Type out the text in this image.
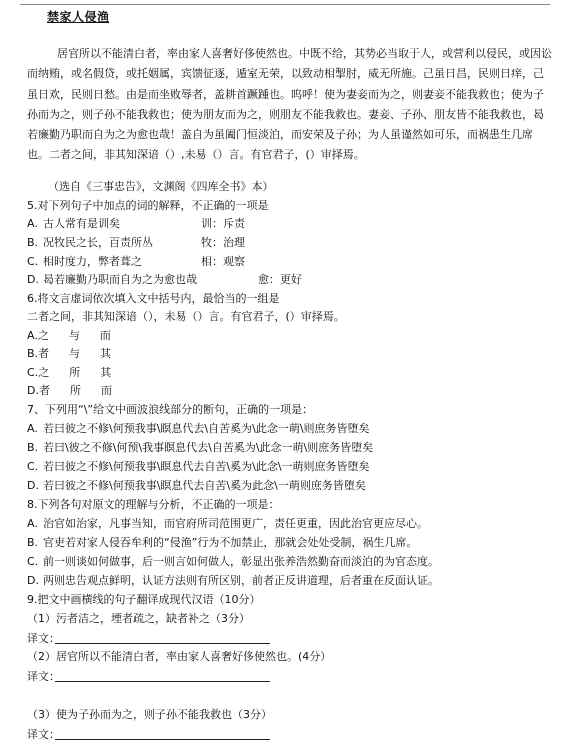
禁家人侵渔
居官所以不能清白者，率由家人喜奢好侈使然也。中既不给，其势必当取于人，或营利以侵民，或因讼而纳贿，或名假贷，或托姻属，宾馈征逐，遁室无荣，以致动相掣肘，威无所施。己虽日昌，民则日痒，己虽日欢，民则日愁。由是而坐败辱者，盖耕首蹶踵也。呜呼！使为妻妾而为之，则妻妾不能我救也；使为子孙而为之，则子孙不能我救也；使为朋友而为之，则朋友不能我救也。妻妾、子孙、朋友皆不能我救也，曷若廉勤乃职而自为之为愈也哉！盖自为虽阖门恒淡泊，而安荣及子孙；为人虽谨然如可乐，而祸患生几席也。二者之间，非其知深谙（）,未易（）言。有官君子，(）审择焉。
（选自《三事忠告》，文渊阁《四库全书》本）
5.对下列句子中加点的词的解释，不正确的一项是
A. 古人常有是训矣	训：斥责
B. 况牧民之长，百责所丛	牧：治理
C. 相时度力，弊者葺之	相：观察
D. 曷若廉勤乃职而自为之为愈也哉	愈：更好
6.将文言虚词依次填入文中括号内，最恰当的一组是
二者之间，非其知深谙（），未易（）言。有官君子，(）审择焉。
A.之 与 而
B.者 与 其
C.之 所 其
D.者 所 而
7、下列用“\”给文中画波浪线部分的断句，正确的一项是：
A. 若曰彼之不修\何预我事\瞑息代去\自苦奚为\此念一萌\则庶务皆堕矣
B. 若曰\彼之不修\何预\我事瞑息代去\自苦奚为\此念一萌\则庶务皆堕矣
C. 若曰彼之不修\何预我事\瞑息代去自苦\奚为\此念\一萌则庶务皆堕矣
D. 若曰彼之不修\何预我事\瞑息代去自苦\奚为此念\一萌则庶务皆堕矣
8.下列各句对原文的理解与分析，不正确的一项是：
A. 治官如治家，凡事当知，而官府所司范围更广，责任更重，因此治官更应尽心。
B. 官吏若对家人侵吞牟利的“侵渔”行为不加禁止，那就会处处受制，祸生几席。
C. 前一则谈如何做事，后一则言如何做人，彰显出张养浩然勤奋而淡泊的为官态度。
D. 两则忠告观点鲜明，认证方法则有所区别，前者正反讲道理，后者重在反面认证。
9.把文中画横线的句子翻译成现代汉语（10分）
（1）污者洁之，堙者疏之，缺者补之（3分）
译文：
（2）居官所以不能清白者，率由家人喜奢好侈使然也。(4分）
译文：
（3）使为子孙而为之，则子孙不能我救也（3分）
译文：
